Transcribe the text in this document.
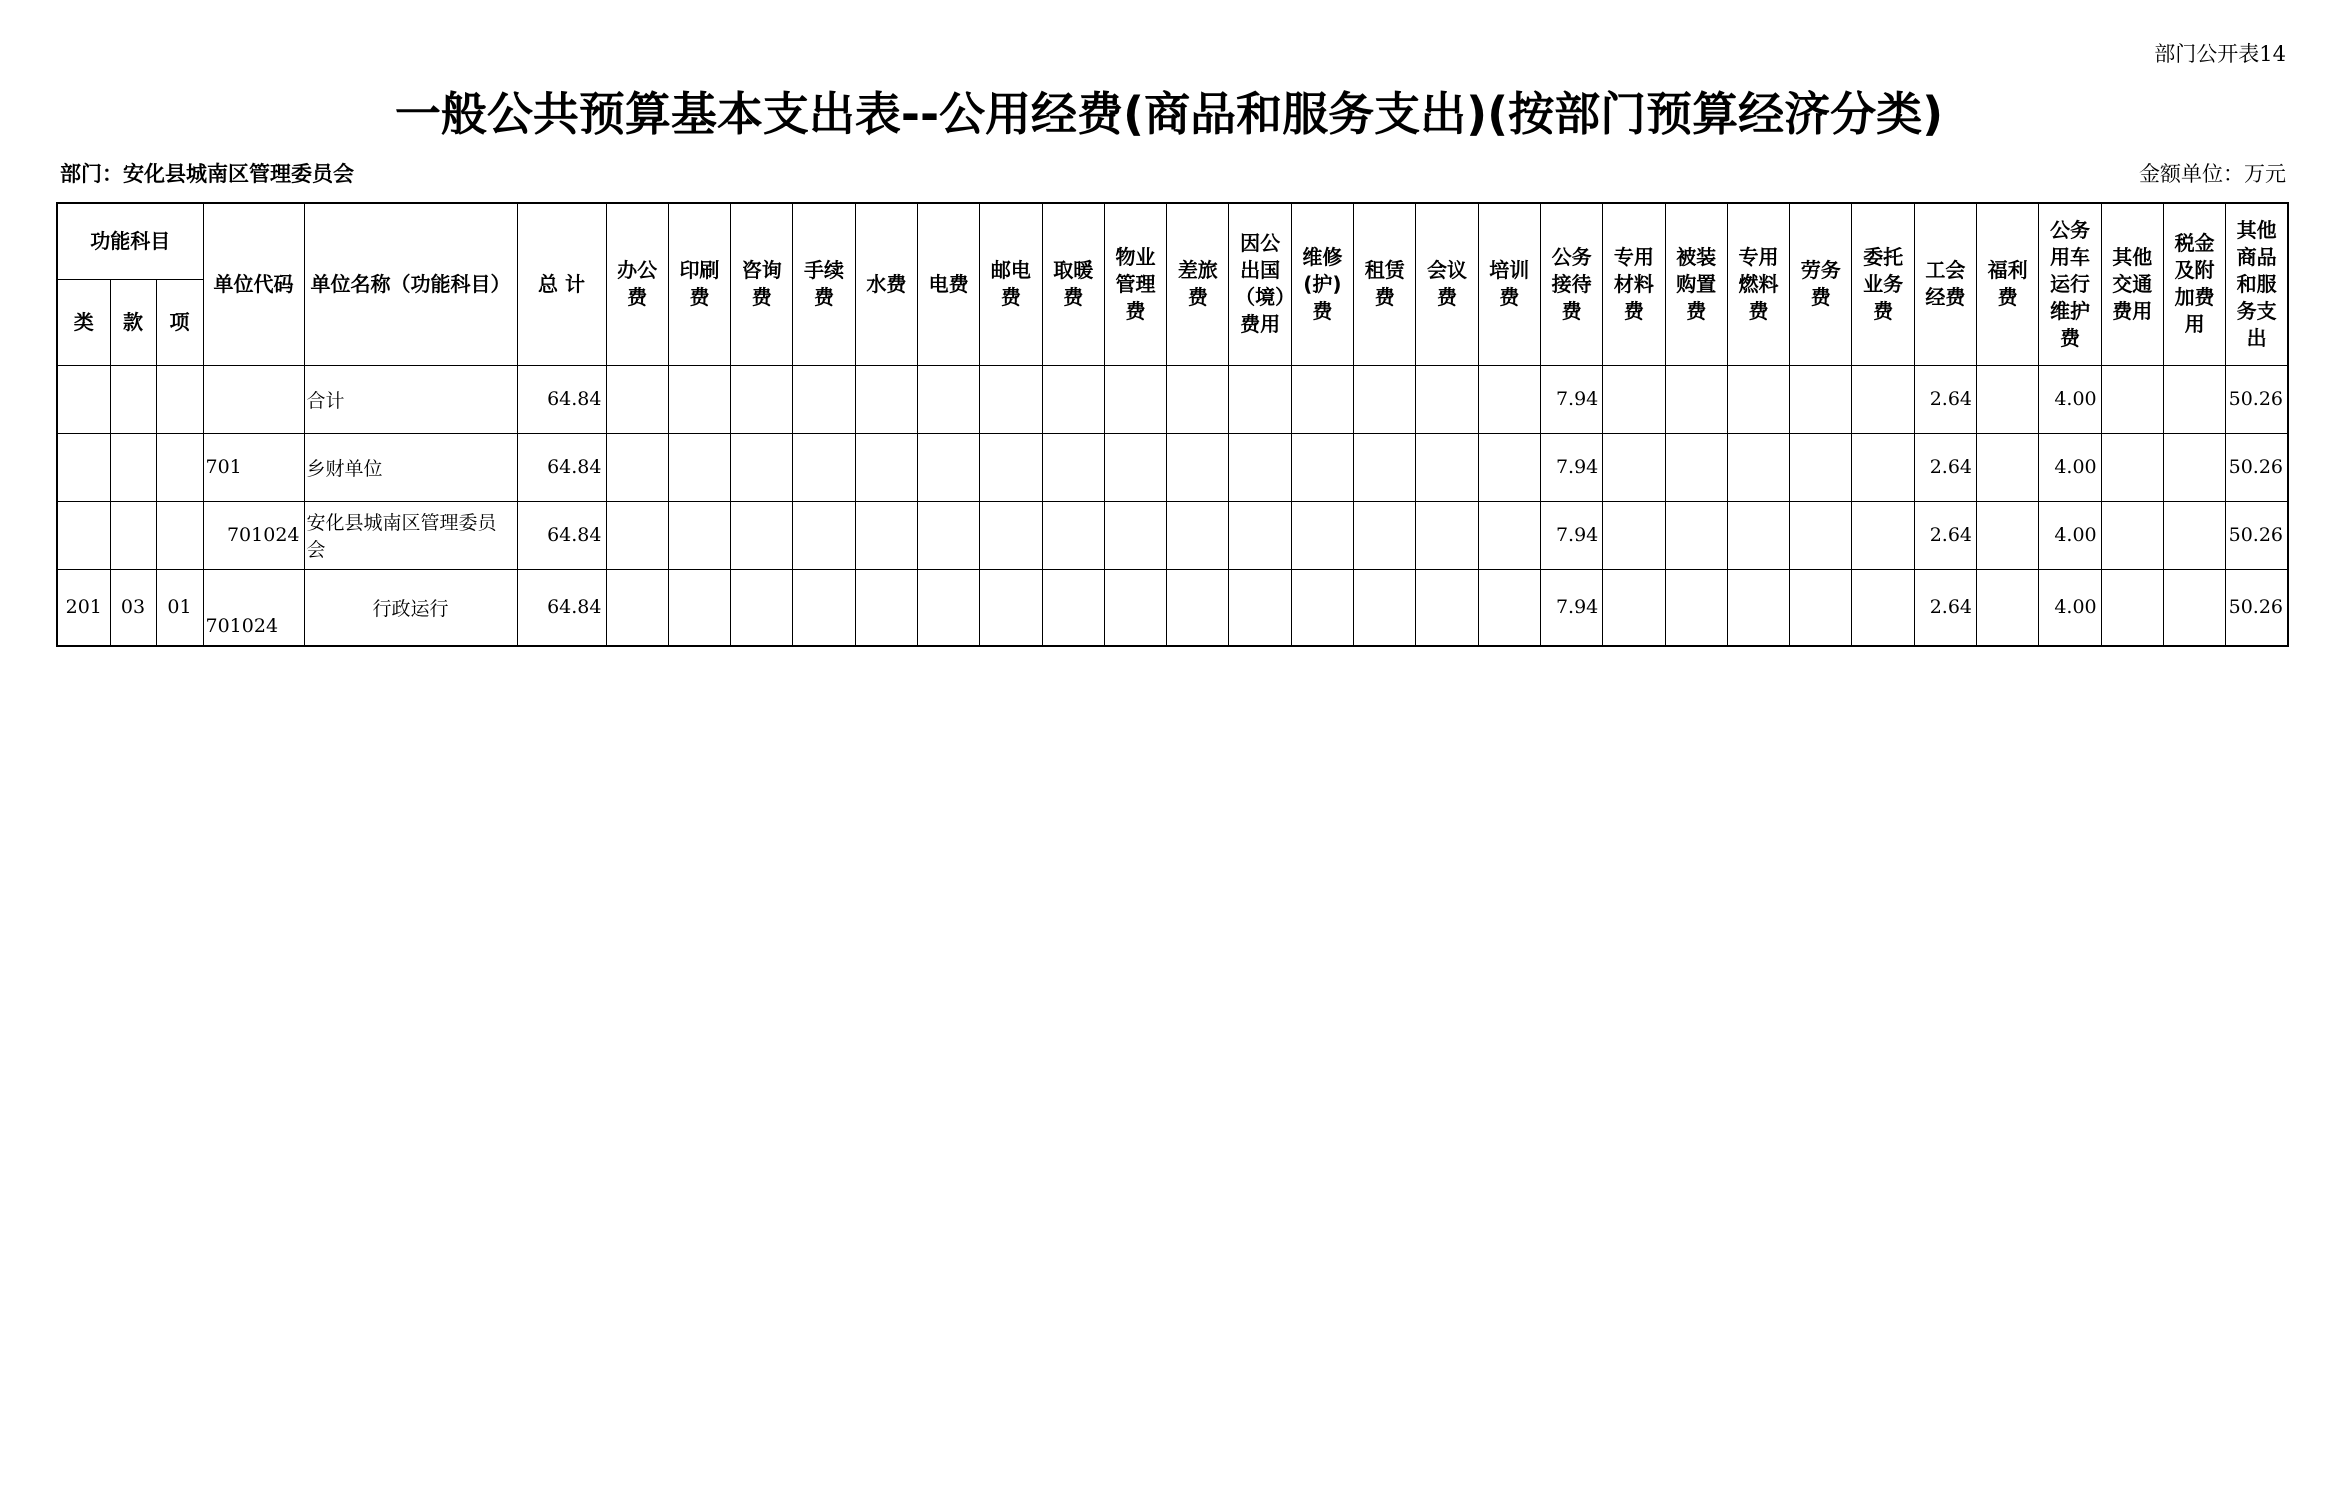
部门公开表14
一般公共预算基本支出表--公用经费(商品和服务支出)(按部门预算经济分类)
部门：安化县城南区管理委员会	金额单位：万元
功能科目			单位代码	单位名称（功能科目）	总 计	办公费	印刷费	咨询费	手续费	水费	电费	邮电费	取暖费	物业管理费	差旅费	因公出国（境）费用	维修(护)费	租赁费	会议费	培训费	公务接待费	专用材料费	被装购置费	专用燃料费	劳务费	委托业务费	工会经费	福利费	公务用车运行维护费	其他交通费用	税金及附加费用	其他商品和服务支出
类	款	项																														
				合计	64.84																7.94						2.64		4.00			50.26
			701	乡财单位	64.84																7.94						2.64		4.00			50.26
			701024	安化县城南区管理委员会	64.84																7.94						2.64		4.00			50.26
201	03	01	701024	行政运行	64.84																7.94						2.64		4.00			50.26
